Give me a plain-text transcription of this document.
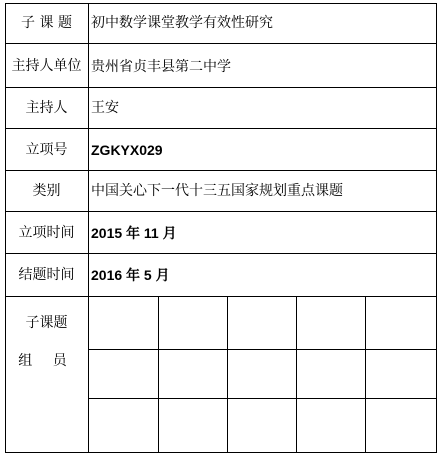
子 课 题	初中数学课堂教学有效性研究
主持人单位 贵州省贞丰县第二中学
主持人	王安
立项号	ZGKYX029
类别	中国关心下一代十三五国家规划重点课题
立项时间	2015 年 11 月
结题时间	2016 年 5 月
子课题
组 员
